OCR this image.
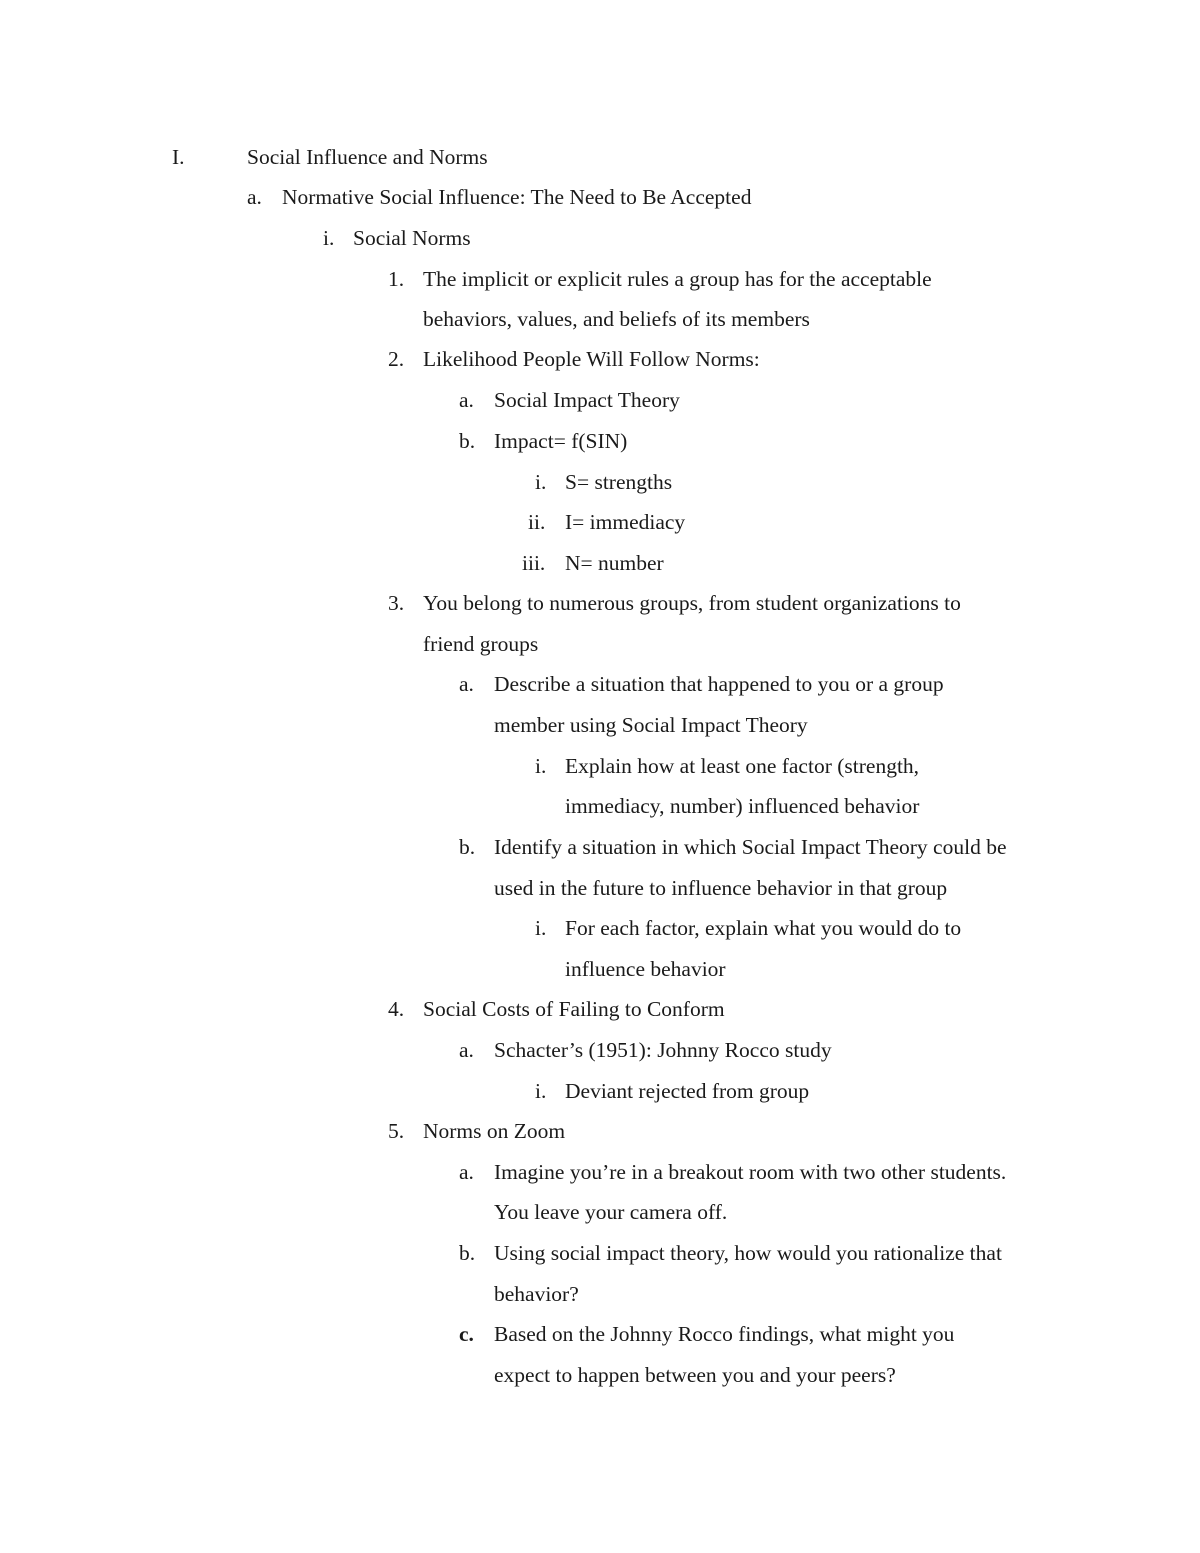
I.	Social Influence and Norms
a. Normative Social Influence: The Need to Be Accepted
i. Social Norms
1. The implicit or explicit rules a group has for the acceptable
behaviors, values, and beliefs of its members
2. Likelihood People Will Follow Norms:
a. Social Impact Theory
b. Impact= f(SIN)
i. S= strengths
ii. I= immediacy
iii. N= number
3. You belong to numerous groups, from student organizations to
friend groups
a. Describe a situation that happened to you or a group
member using Social Impact Theory
i. Explain how at least one factor (strength,
immediacy, number) influenced behavior
b. Identify a situation in which Social Impact Theory could be
used in the future to influence behavior in that group
i. For each factor, explain what you would do to
influence behavior
4. Social Costs of Failing to Conform
a. Schacter’s (1951): Johnny Rocco study
i. Deviant rejected from group
5. Norms on Zoom
a. Imagine you’re in a breakout room with two other students.
You leave your camera off.
b. Using social impact theory, how would you rationalize that
behavior?
c. Based on the Johnny Rocco findings, what might you
expect to happen between you and your peers?
